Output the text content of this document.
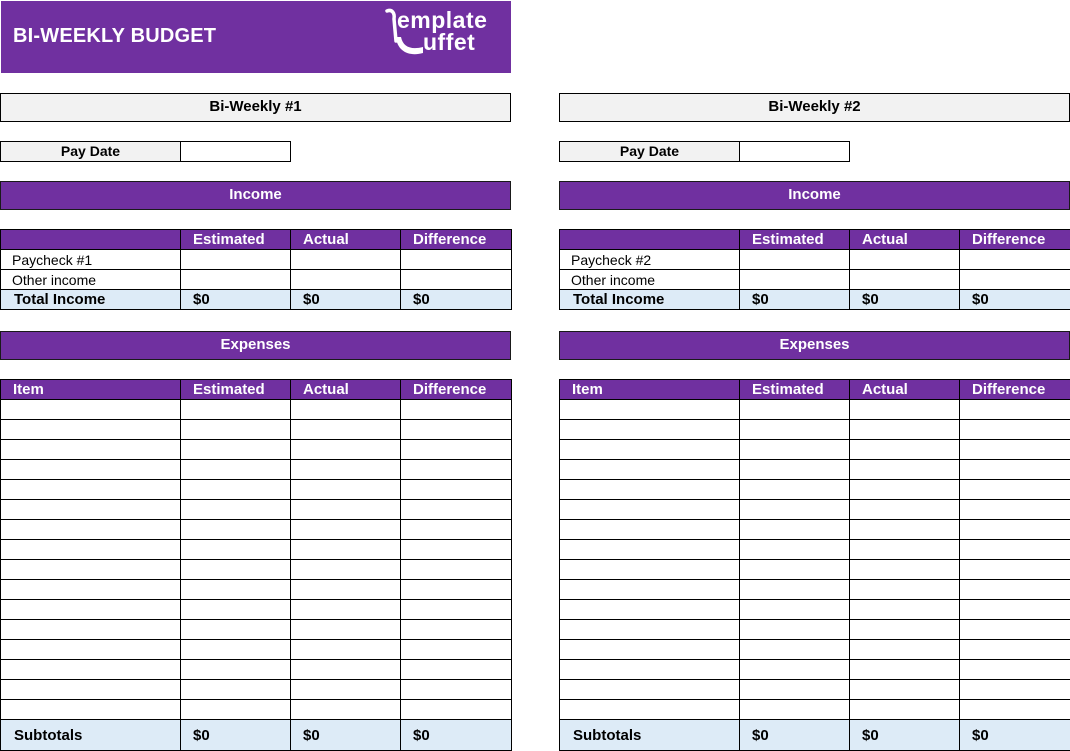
BI-WEEKLY BUDGET
emplate
uffet
Bi-Weekly #1
Pay Date
Income
	Estimated	Actual	Difference
Paycheck #1			
Other income			
Total Income	$0	$0	$0
Expenses
Item	Estimated	Actual	Difference

Subtotals	$0	$0	$0
Bi-Weekly #2
Pay Date
Income
	Estimated	Actual	Difference
Paycheck #2			
Other income			
Total Income	$0	$0	$0
Expenses
Item	Estimated	Actual	Difference

Subtotals	$0	$0	$0
